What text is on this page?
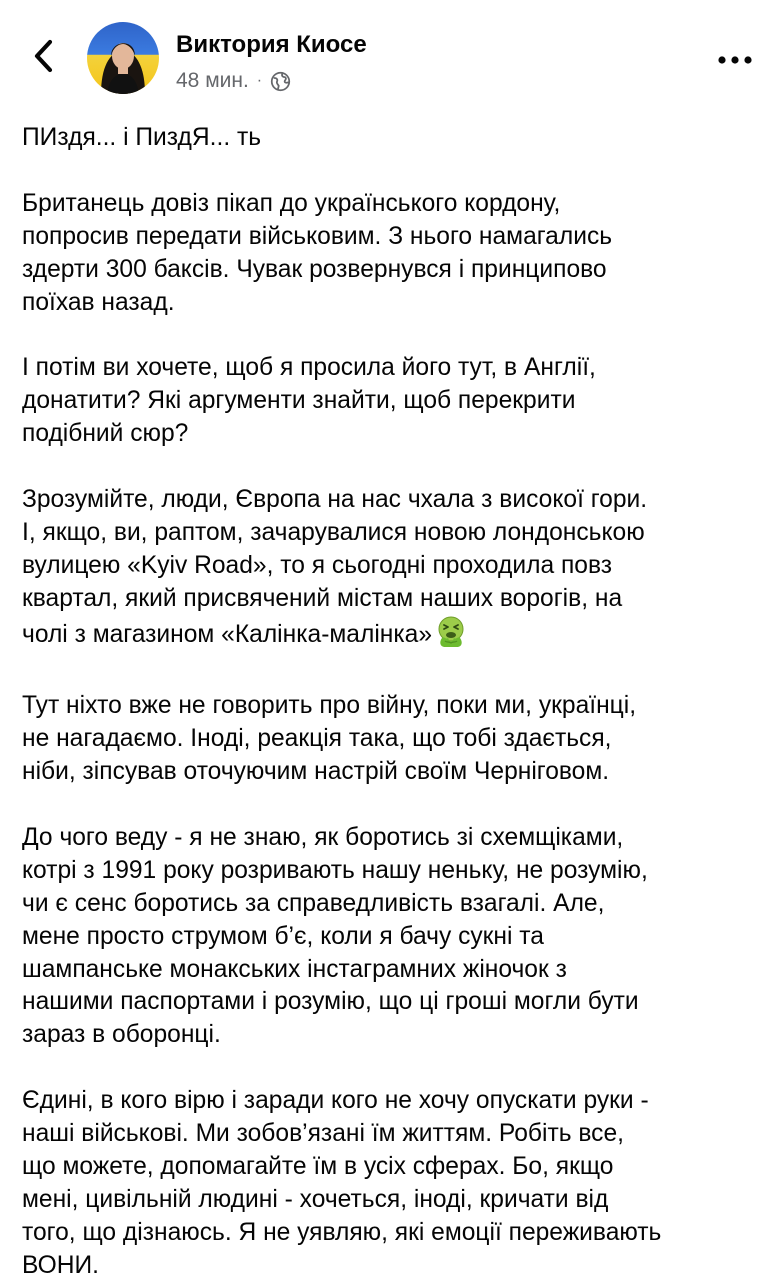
Виктория Киосе
48 мин. ·

ПИздя... і ПиздЯ... ть

Британець довіз пікап до українського кордону,
попросив передати військовим. З нього намагались
здерти 300 баксів. Чувак розвернувся і принципово
поїхав назад.

І потім ви хочете, щоб я просила його тут, в Англії,
донатити? Які аргументи знайти, щоб перекрити
подібний сюр?

Зрозумійте, люди, Європа на нас чхала з високої гори.
І, якщо, ви, раптом, зачарувалися новою лондонською
вулицею «Kyiv Road», то я сьогодні проходила повз
квартал, який присвячений містам наших ворогів, на
чолі з магазином «Калінка-малінка»

Тут ніхто вже не говорить про війну, поки ми, українці,
не нагадаємо. Іноді, реакція така, що тобі здається,
ніби, зіпсував оточуючим настрій своїм Черніговом.

До чого веду - я не знаю, як боротись зі схемщіками,
котрі з 1991 року розривають нашу неньку, не розумію,
чи є сенс боротись за справедливість взагалі. Але,
мене просто струмом б’є, коли я бачу сукні та
шампанське монакських інстаграмних жіночок з
нашими паспортами і розумію, що ці гроші могли бути
зараз в оборонці.

Єдині, в кого вірю і заради кого не хочу опускати руки -
наші військові. Ми зобов’язані їм життям. Робіть все,
що можете, допомагайте їм в усіх сферах. Бо, якщо
мені, цивільній людині - хочеться, іноді, кричати від
того, що дізнаюсь. Я не уявляю, які емоції переживають
ВОНИ.
